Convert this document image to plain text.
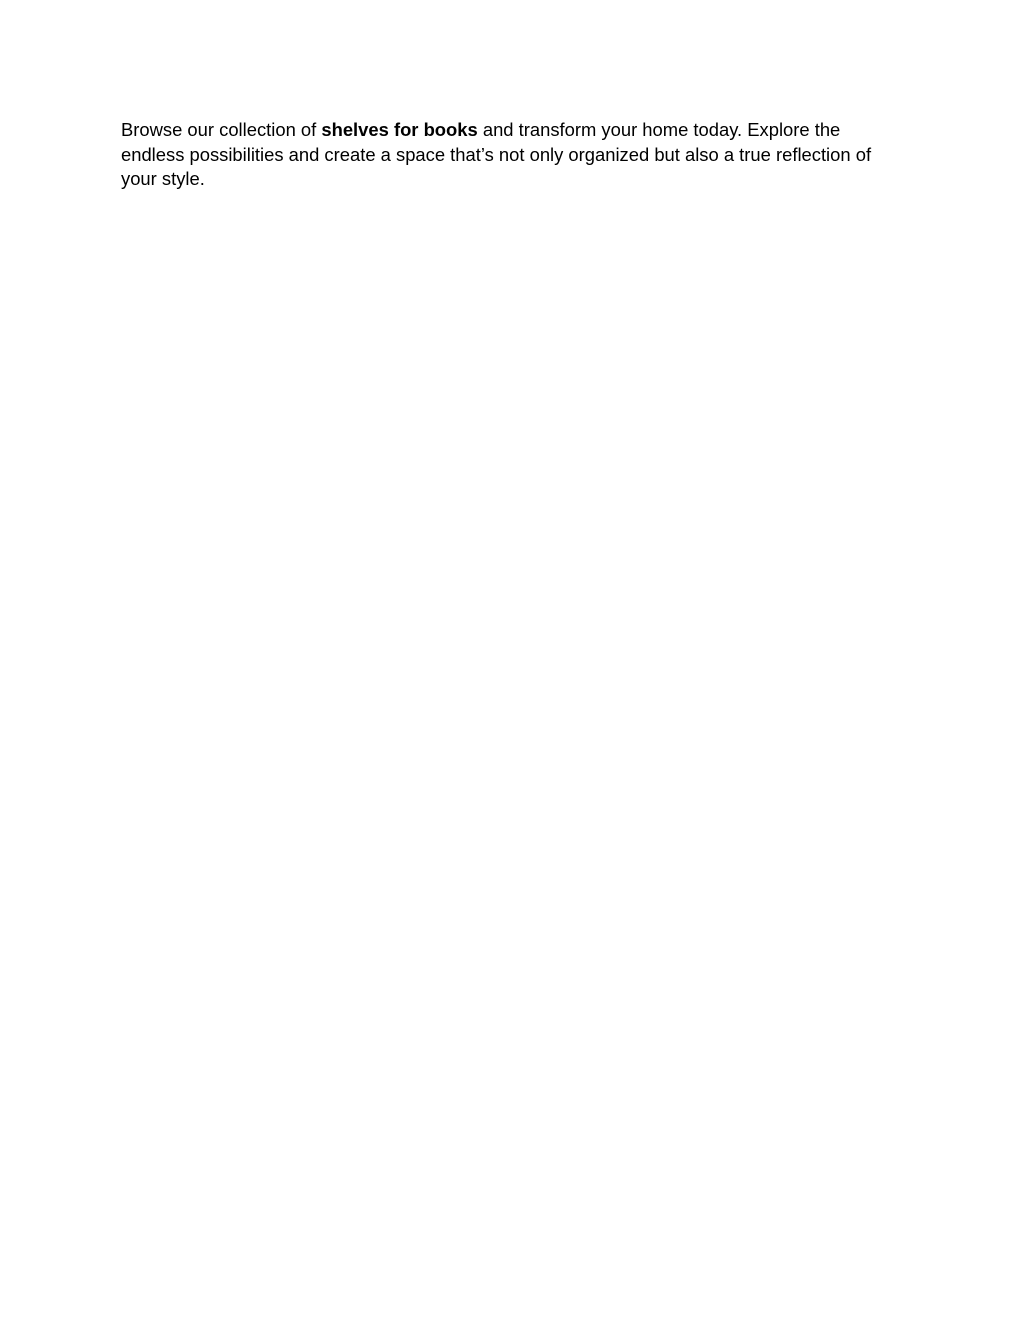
Browse our collection of shelves for books and transform your home today. Explore the endless possibilities and create a space that’s not only organized but also a true reflection of your style.
